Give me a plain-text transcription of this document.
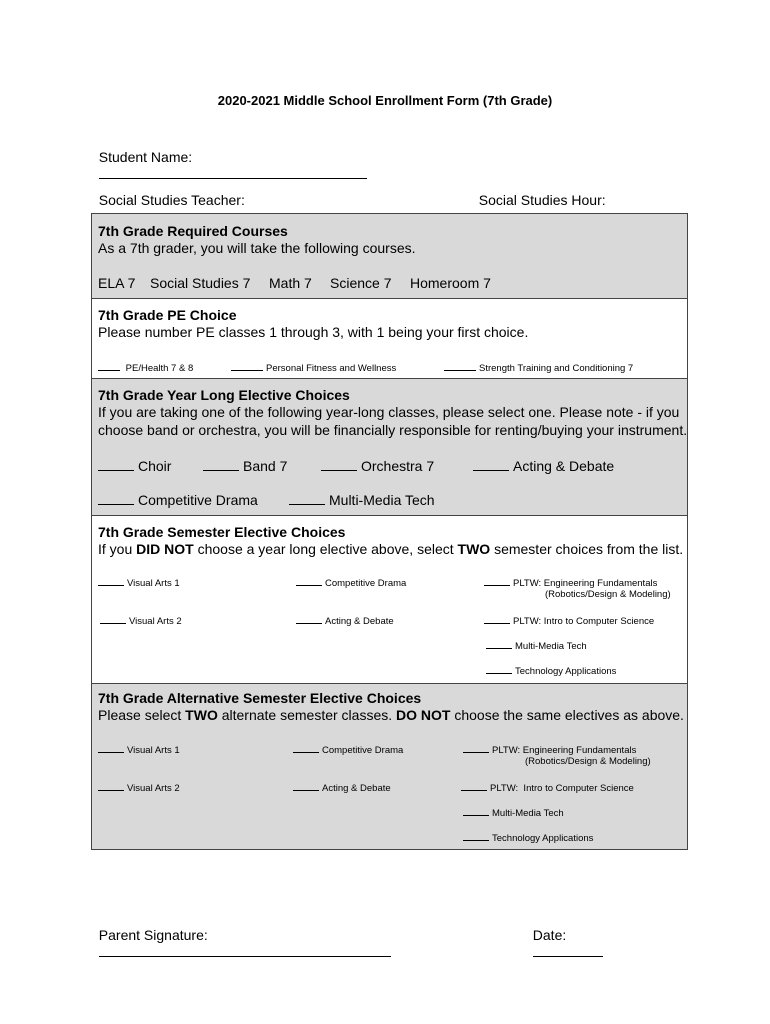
2020-2021 Middle School Enrollment Form (7th Grade)

Student Name:

Social Studies Teacher:
	Social Studies Hour:

7th Grade Required Courses
As a 7th grader, you will take the following courses.
ELA 7 Social Studies 7 Math 7 Science 7 Homeroom 7
7th Grade PE Choice
Please number PE classes 1 through 3, with 1 being your first choice.
PE/Health 7 & 8	Personal Fitness and Wellness	Strength Training and Conditioning 7
7th Grade Year Long Elective Choices
If you are taking one of the following year-long classes, please select one. Please note - if you
choose band or orchestra, you will be financially responsible for renting/buying your instrument.
Choir	Band 7	Orchestra 7	Acting & Debate
Competitive Drama	Multi-Media Tech
7th Grade Semester Elective Choices
If you DID NOT choose a year long elective above, select TWO semester choices from the list.
Visual Arts 1	Competitive Drama	PLTW: Engineering Fundamentals
(Robotics/Design & Modeling)
Visual Arts 2	Acting & Debate	PLTW: Intro to Computer Science
Multi-Media Tech
Technology Applications
7th Grade Alternative Semester Elective Choices
Please select TWO alternate semester classes. DO NOT choose the same electives as above.
Visual Arts 1	Competitive Drama	PLTW: Engineering Fundamentals
(Robotics/Design & Modeling)
Visual Arts 2	Acting & Debate	PLTW:  Intro to Computer Science
Multi-Media Tech
Technology Applications

Parent Signature:
	Date:
